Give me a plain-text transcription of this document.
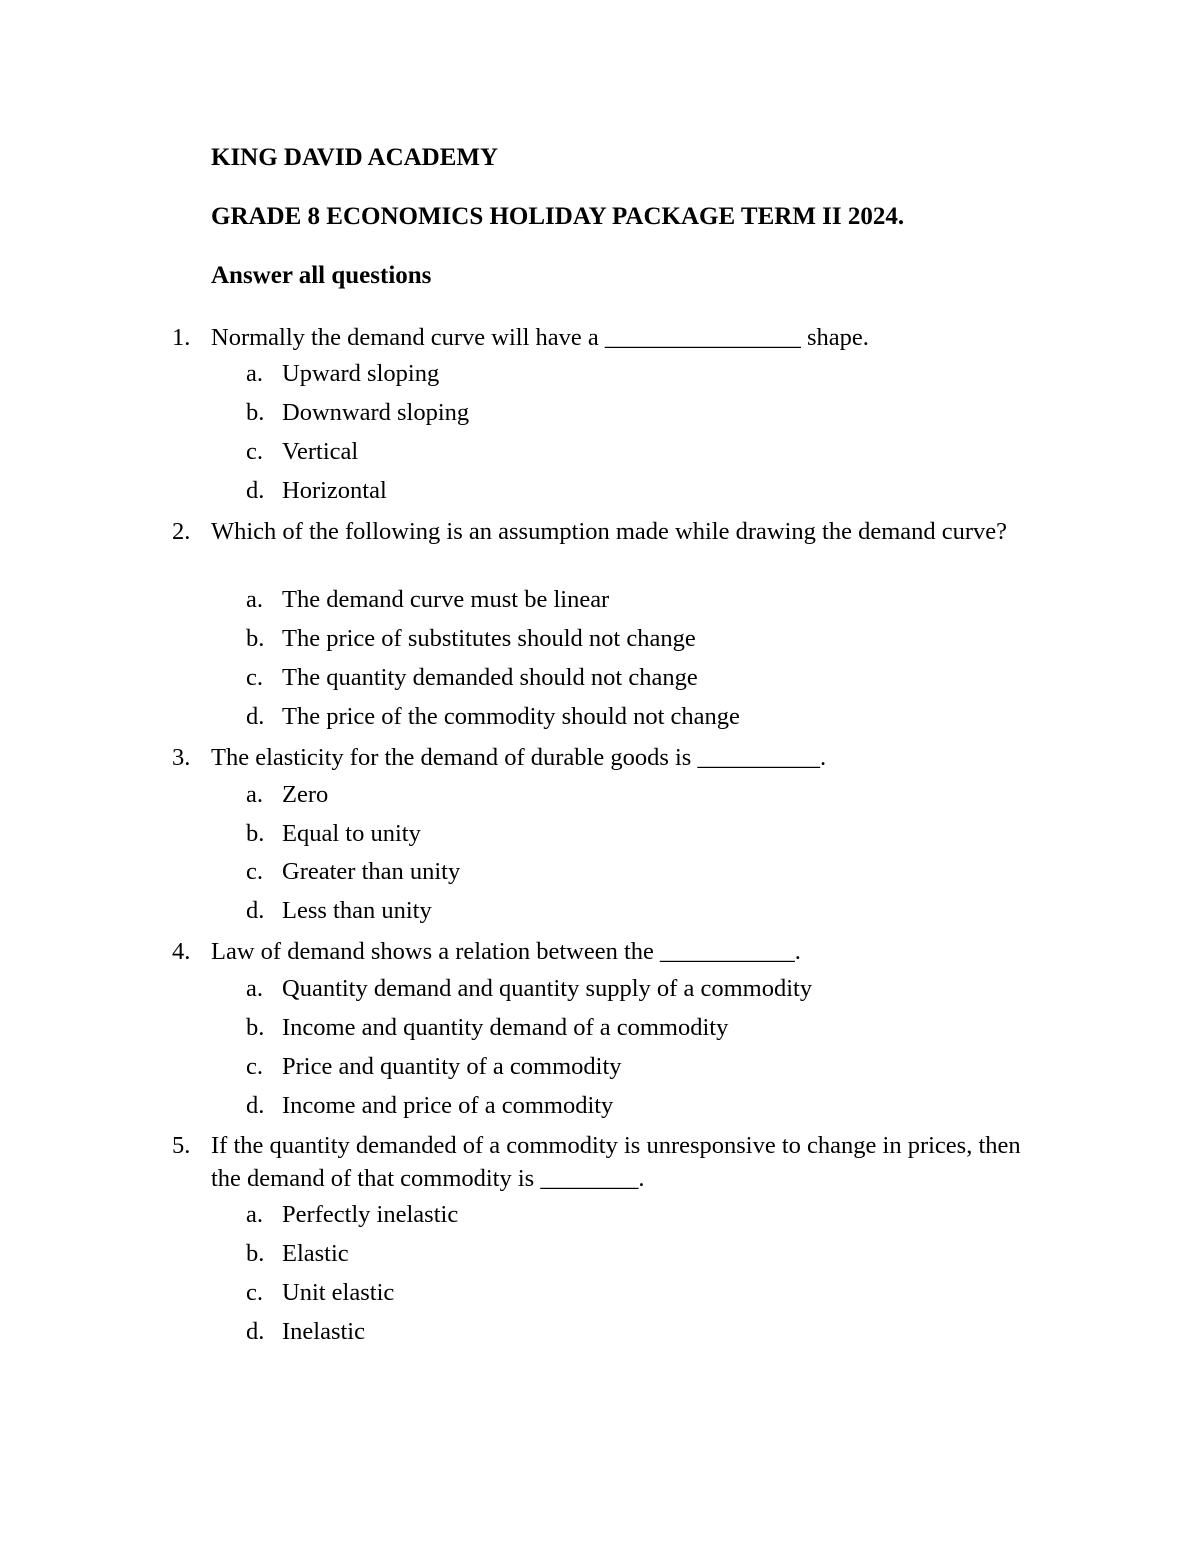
KING DAVID ACADEMY
GRADE 8 ECONOMICS HOLIDAY PACKAGE TERM II 2024.
Answer all questions
1. Normally the demand curve will have a ________________ shape.
a. Upward sloping
b. Downward sloping
c. Vertical
d. Horizontal
2. Which of the following is an assumption made while drawing the demand curve?
a. The demand curve must be linear
b. The price of substitutes should not change
c. The quantity demanded should not change
d. The price of the commodity should not change
3. The elasticity for the demand of durable goods is __________.
a. Zero
b. Equal to unity
c. Greater than unity
d. Less than unity
4. Law of demand shows a relation between the ___________.
a. Quantity demand and quantity supply of a commodity
b. Income and quantity demand of a commodity
c. Price and quantity of a commodity
d. Income and price of a commodity
5. If the quantity demanded of a commodity is unresponsive to change in prices, then the demand of that commodity is ________.
a. Perfectly inelastic
b. Elastic
c. Unit elastic
d. Inelastic
